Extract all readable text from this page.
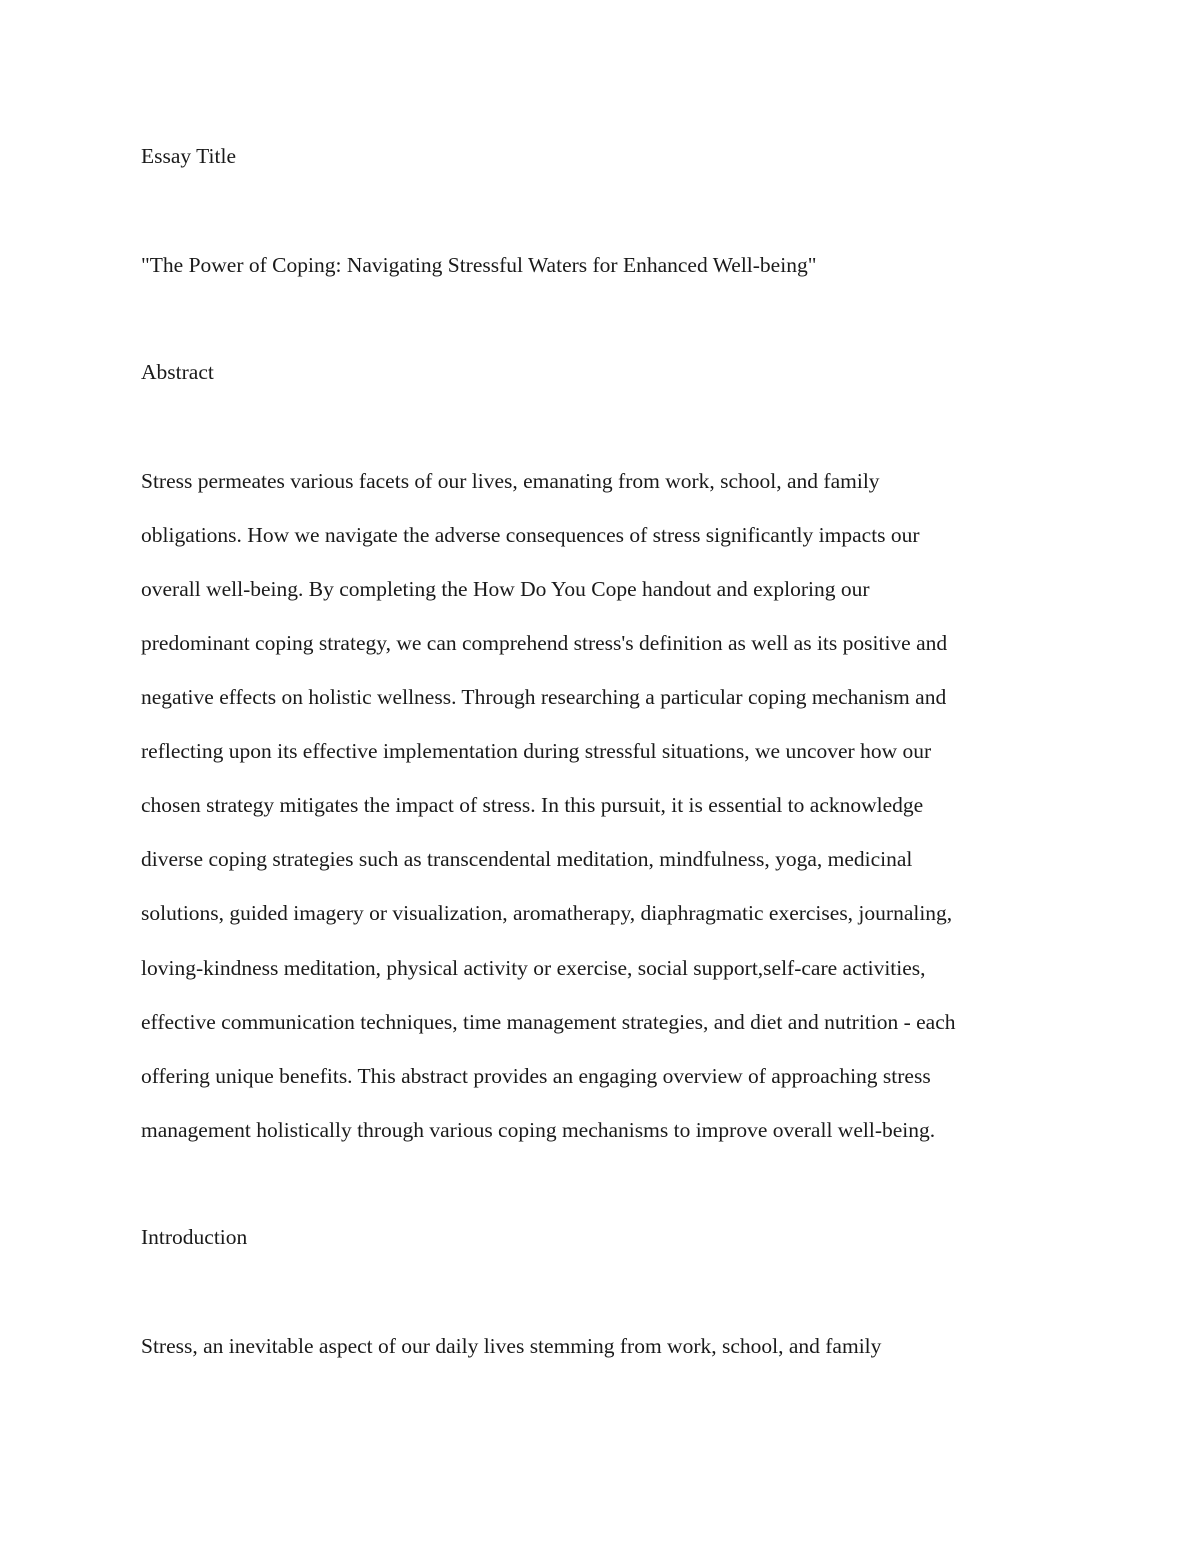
Essay Title

"The Power of Coping: Navigating Stressful Waters for Enhanced Well-being"

Abstract

Stress permeates various facets of our lives, emanating from work, school, and family

obligations. How we navigate the adverse consequences of stress significantly impacts our

overall well-being. By completing the How Do You Cope handout and exploring our

predominant coping strategy, we can comprehend stress's definition as well as its positive and

negative effects on holistic wellness. Through researching a particular coping mechanism and

reflecting upon its effective implementation during stressful situations, we uncover how our

chosen strategy mitigates the impact of stress. In this pursuit, it is essential to acknowledge

diverse coping strategies such as transcendental meditation, mindfulness, yoga, medicinal

solutions, guided imagery or visualization, aromatherapy, diaphragmatic exercises, journaling,

loving-kindness meditation, physical activity or exercise, social support,self-care activities,

effective communication techniques, time management strategies, and diet and nutrition - each

offering unique benefits. This abstract provides an engaging overview of approaching stress

management holistically through various coping mechanisms to improve overall well-being.

Introduction

Stress, an inevitable aspect of our daily lives stemming from work, school, and family
